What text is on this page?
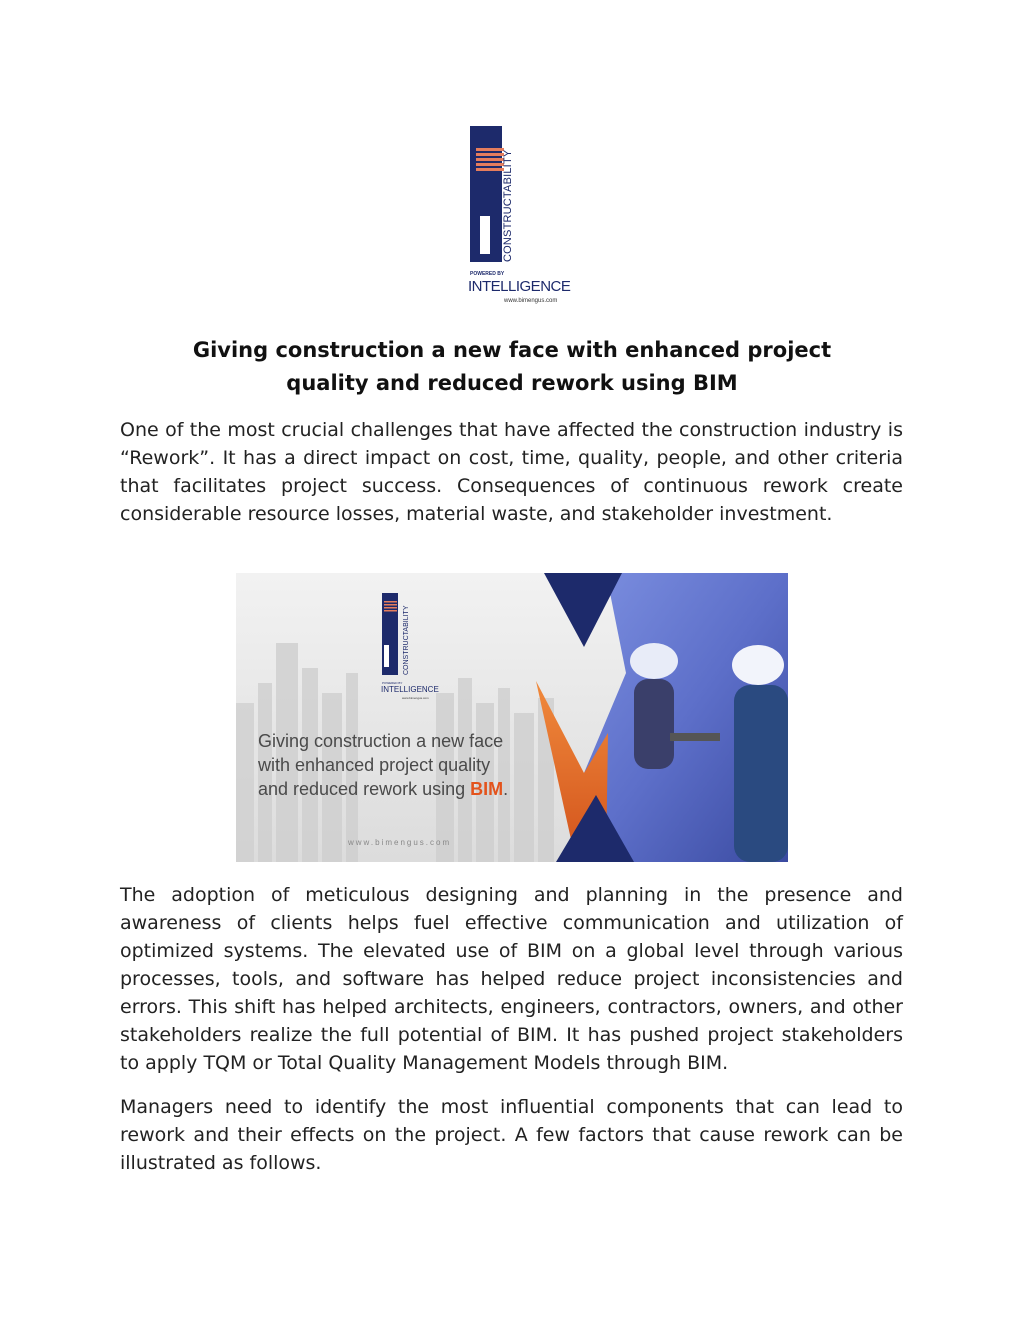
CONSTRUCTABILITY
POWERED BY
INTELLIGENCE
www.bimengus.com
Giving construction a new face with enhanced project
quality and reduced rework using BIM

One of the most crucial challenges that have affected the construction industry is “Rework”. It has a direct impact on cost, time, quality, people, and other criteria that facilitates project success. Consequences of continuous rework create considerable resource losses, material waste, and stakeholder investment.

CONSTRUCTABILITY
POWERED BY
INTELLIGENCE
www.bimengus.com
Giving construction a new face
with enhanced project quality
and reduced rework using BIM.
www.bimengus.com

The adoption of meticulous designing and planning in the presence and awareness of clients helps fuel effective communication and utilization of optimized systems. The elevated use of BIM on a global level through various processes, tools, and software has helped reduce project inconsistencies and errors. This shift has helped architects, engineers, contractors, owners, and other stakeholders realize the full potential of BIM. It has pushed project stakeholders to apply TQM or Total Quality Management Models through BIM.

Managers need to identify the most influential components that can lead to rework and their effects on the project. A few factors that cause rework can be illustrated as follows.
